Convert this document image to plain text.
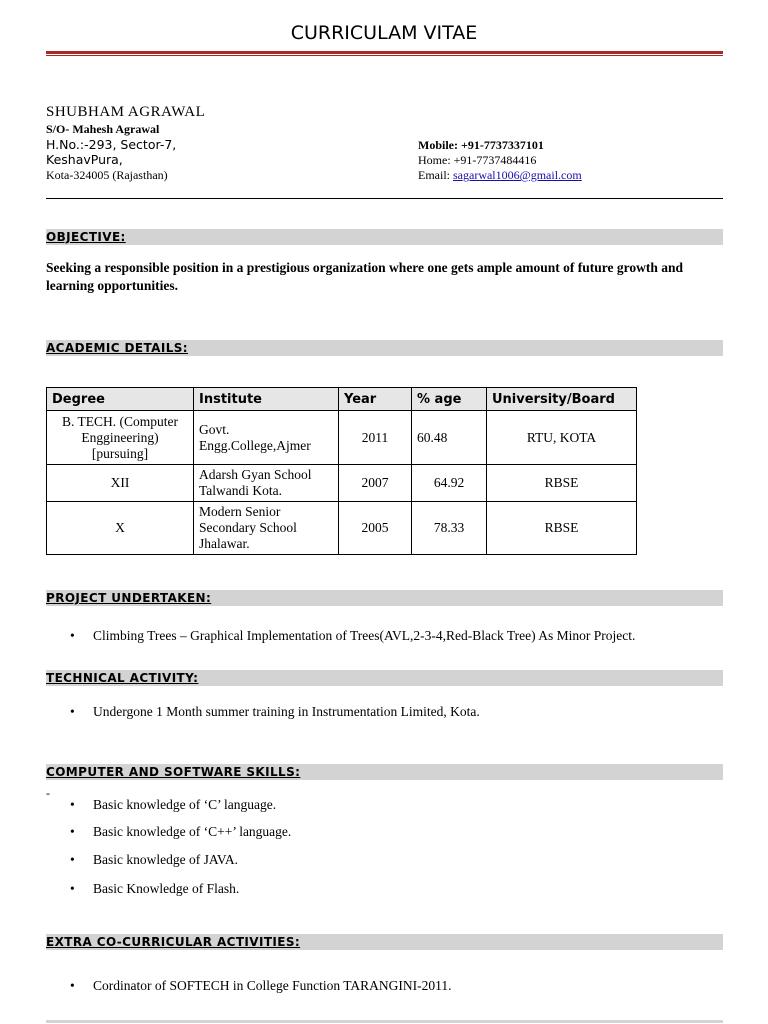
CURRICULAM VITAE
SHUBHAM AGRAWAL
S/O- Mahesh Agrawal
H.No.:-293, Sector-7,
KeshavPura,
Kota-324005 (Rajasthan)
Mobile: +91-7737337101
Home: +91-7737484416
Email: sagarwal1006@gmail.com
OBJECTIVE:
Seeking a responsible position in a prestigious organization where one gets ample amount of future growth and learning opportunities.
ACADEMIC DETAILS:
Degree	Institute	Year	% age	University/Board
B. TECH. (Computer Enggineering) [pursuing]	Govt. Engg.College,Ajmer	2011	60.48	RTU, KOTA
XII	Adarsh Gyan School Talwandi Kota.	2007	64.92	RBSE
X	Modern Senior Secondary School Jhalawar.	2005	78.33	RBSE
PROJECT UNDERTAKEN:
• Climbing Trees – Graphical Implementation of Trees(AVL,2-3-4,Red-Black Tree) As Minor Project.
TECHNICAL ACTIVITY:
• Undergone 1 Month summer training in Instrumentation Limited, Kota.
COMPUTER AND SOFTWARE SKILLS:
-
• Basic knowledge of ‘C’ language.
• Basic knowledge of ‘C++’ language.
• Basic knowledge of JAVA.
• Basic Knowledge of Flash.
EXTRA CO-CURRICULAR ACTIVITIES:
• Cordinator of SOFTECH in College Function TARANGINI-2011.
